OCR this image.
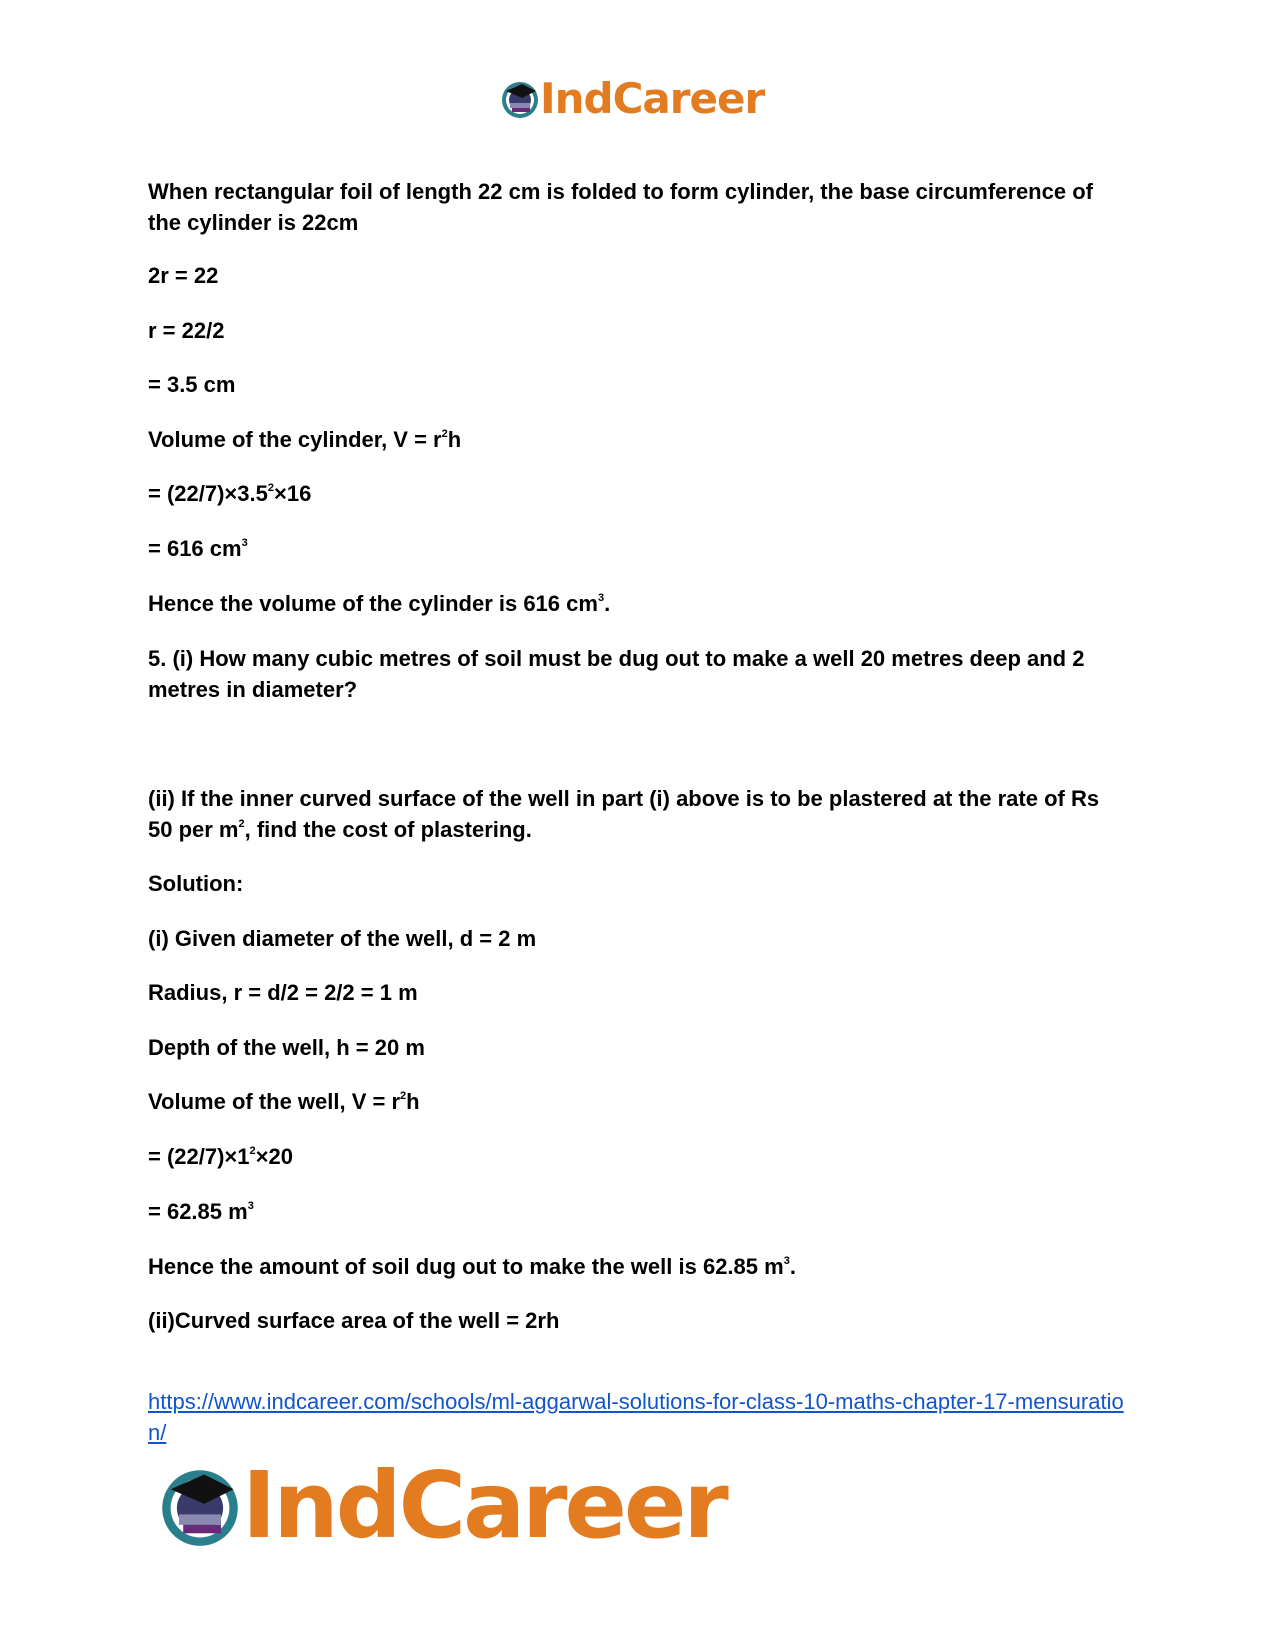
IndCareer

When rectangular foil of length 22 cm is folded to form cylinder, the base circumference of the cylinder is 22cm

2r = 22

r = 22/2

= 3.5 cm

Volume of the cylinder, $V = r^2h$

= $(22/7)\times 3.5^2\times 16$

= 616 $cm^3$

Hence the volume of the cylinder is 616 $cm^3$.

5. (i) How many cubic metres of soil must be dug out to make a well 20 metres deep and 2 metres in diameter?

(ii) If the inner curved surface of the well in part (i) above is to be plastered at the rate of Rs 50 per $m^2$, find the cost of plastering.

Solution:

(i) Given diameter of the well, d = 2 m

Radius, r = d/2 = 2/2 = 1 m

Depth of the well, h = 20 m

Volume of the well, $V = r^2h$

= $(22/7)\times 1^2\times 20$

= 62.85 $m^3$

Hence the amount of soil dug out to make the well is 62.85 $m^3$.

(ii)Curved surface area of the well = 2rh

https://www.indcareer.com/schools/ml-aggarwal-solutions-for-class-10-maths-chapter-17-mensuration/
IndCareer
